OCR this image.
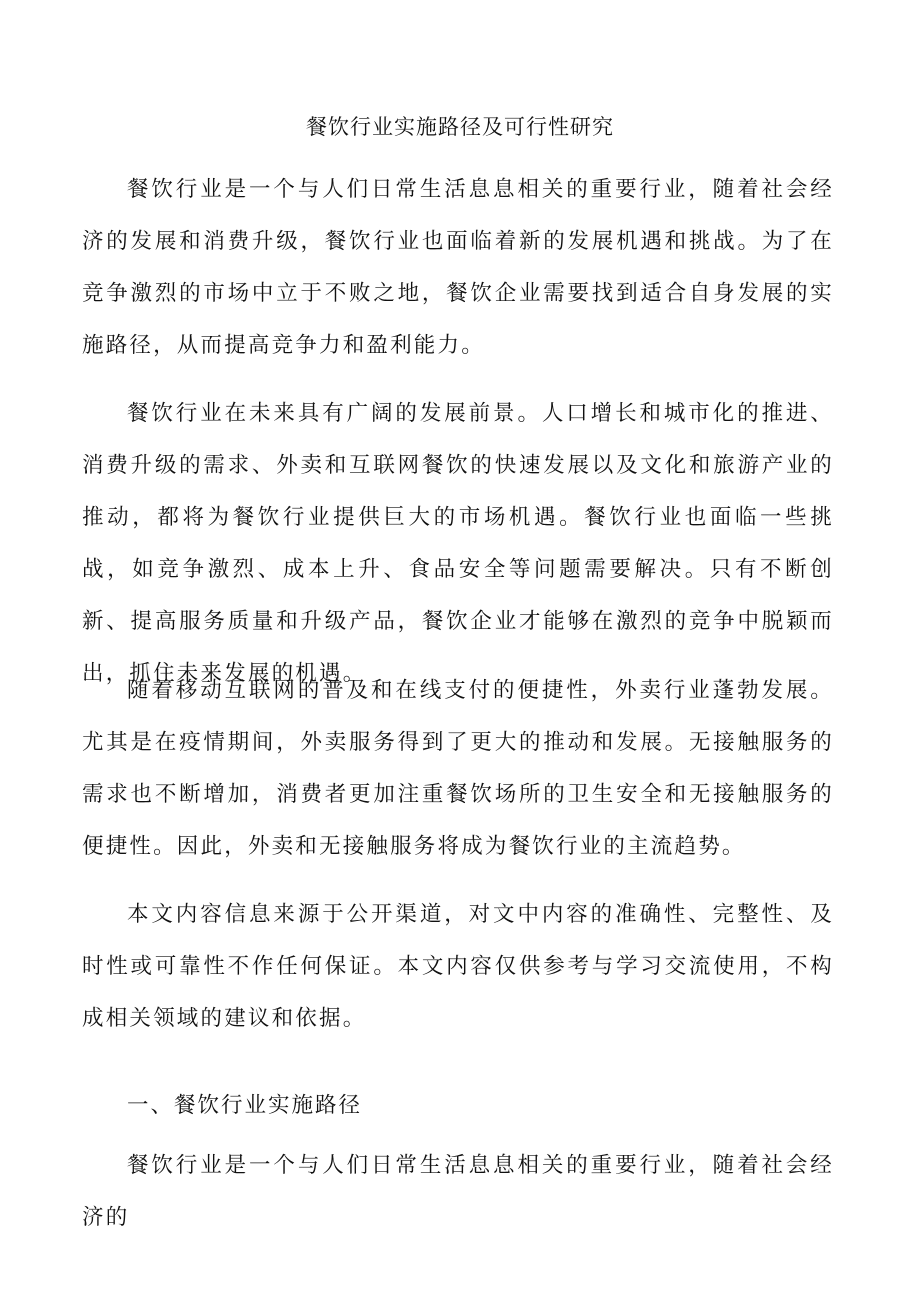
餐饮行业实施路径及可行性研究

餐饮行业是一个与人们日常生活息息相关的重要行业，随着社会经济的发展和消费升级，餐饮行业也面临着新的发展机遇和挑战。为了在竞争激烈的市场中立于不败之地，餐饮企业需要找到适合自身发展的实施路径，从而提高竞争力和盈利能力。

餐饮行业在未来具有广阔的发展前景。人口增长和城市化的推进、消费升级的需求、外卖和互联网餐饮的快速发展以及文化和旅游产业的推动，都将为餐饮行业提供巨大的市场机遇。餐饮行业也面临一些挑战，如竞争激烈、成本上升、食品安全等问题需要解决。只有不断创新、提高服务质量和升级产品，餐饮企业才能够在激烈的竞争中脱颖而出，抓住未来发展的机遇。

随着移动互联网的普及和在线支付的便捷性，外卖行业蓬勃发展。尤其是在疫情期间，外卖服务得到了更大的推动和发展。无接触服务的需求也不断增加，消费者更加注重餐饮场所的卫生安全和无接触服务的便捷性。因此，外卖和无接触服务将成为餐饮行业的主流趋势。

本文内容信息来源于公开渠道，对文中内容的准确性、完整性、及时性或可靠性不作任何保证。本文内容仅供参考与学习交流使用，不构成相关领域的建议和依据。

一、餐饮行业实施路径

餐饮行业是一个与人们日常生活息息相关的重要行业，随着社会经济的
